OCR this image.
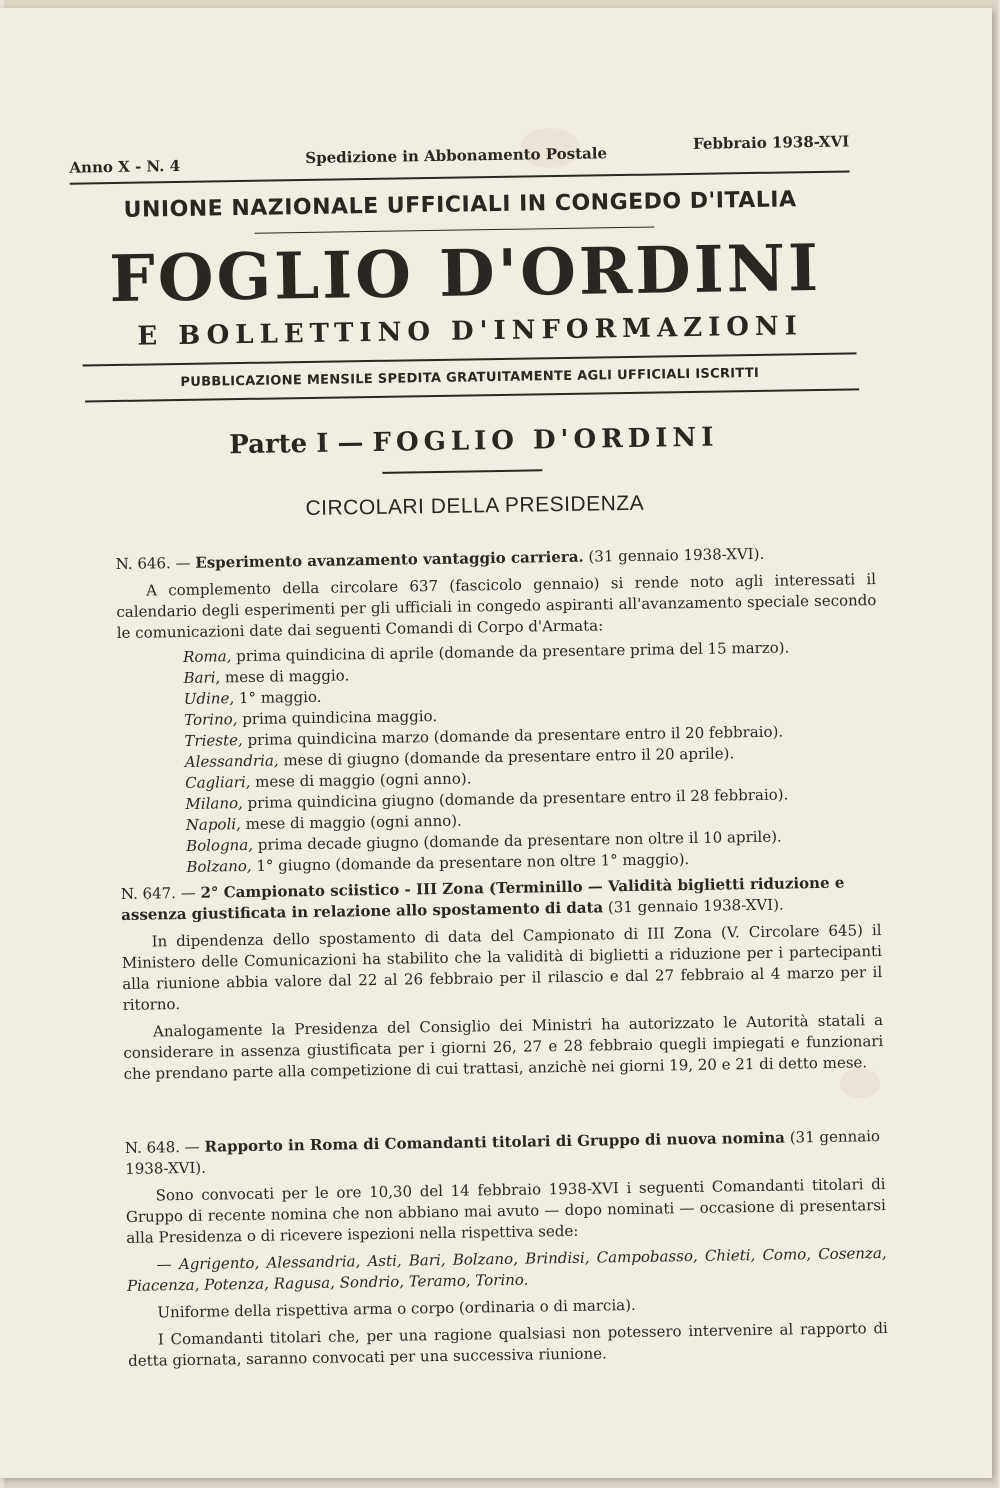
Anno X - N. 4	Spedizione in Abbonamento Postale
Febbraio 1938-XVI
UNIONE NAZIONALE UFFICIALI IN CONGEDO D'ITALIA
FOGLIO D'ORDINI
E BOLLETTINO D'INFORMAZIONI
PUBBLICAZIONE MENSILE SPEDITA GRATUITAMENTE AGLI UFFICIALI ISCRITTI
Parte I — FOGLIO D'ORDINI
CIRCOLARI DELLA PRESIDENZA

N. 646. — Esperimento avanzamento vantaggio carriera. (31 gennaio 1938-XVI).

A complemento della circolare 637 (fascicolo gennaio) si rende noto agli interessati il calendario degli esperimenti per gli ufficiali in congedo aspiranti all'avanzamento speciale secondo le comunicazioni date dai seguenti Comandi di Corpo d'Armata:

Roma, prima quindicina di aprile (domande da presentare prima del 15 marzo).
Bari, mese di maggio.
Udine, 1° maggio.
Torino, prima quindicina maggio.
Trieste, prima quindicina marzo (domande da presentare entro il 20 febbraio).
Alessandria, mese di giugno (domande da presentare entro il 20 aprile).
Cagliari, mese di maggio (ogni anno).
Milano, prima quindicina giugno (domande da presentare entro il 28 febbraio).
Napoli, mese di maggio (ogni anno).
Bologna, prima decade giugno (domande da presentare non oltre il 10 aprile).
Bolzano, 1° giugno (domande da presentare non oltre 1° maggio).

N. 647. — 2° Campionato sciistico - III Zona (Terminillo — Validità biglietti riduzione e assenza giustificata in relazione allo spostamento di data (31 gennaio 1938-XVI).

In dipendenza dello spostamento di data del Campionato di III Zona (V. Circolare 645) il Ministero delle Comunicazioni ha stabilito che la validità di biglietti a riduzione per i partecipanti alla riunione abbia valore dal 22 al 26 febbraio per il rilascio e dal 27 febbraio al 4 marzo per il ritorno.

Analogamente la Presidenza del Consiglio dei Ministri ha autorizzato le Autorità statali a considerare in assenza giustificata per i giorni 26, 27 e 28 febbraio quegli impiegati e funzionari che prendano parte alla competizione di cui trattasi, anzichè nei giorni 19, 20 e 21 di detto mese.

N. 648. — Rapporto in Roma di Comandanti titolari di Gruppo di nuova nomina (31 gennaio 1938-XVI).

Sono convocati per le ore 10,30 del 14 febbraio 1938-XVI i seguenti Comandanti titolari di Gruppo di recente nomina che non abbiano mai avuto — dopo nominati — occasione di presentarsi alla Presidenza o di ricevere ispezioni nella rispettiva sede:

— Agrigento, Alessandria, Asti, Bari, Bolzano, Brindisi, Campobasso, Chieti, Como, Cosenza, Piacenza, Potenza, Ragusa, Sondrio, Teramo, Torino.

Uniforme della rispettiva arma o corpo (ordinaria o di marcia).

I Comandanti titolari che, per una ragione qualsiasi non potessero intervenire al rapporto di detta giornata, saranno convocati per una successiva riunione.
